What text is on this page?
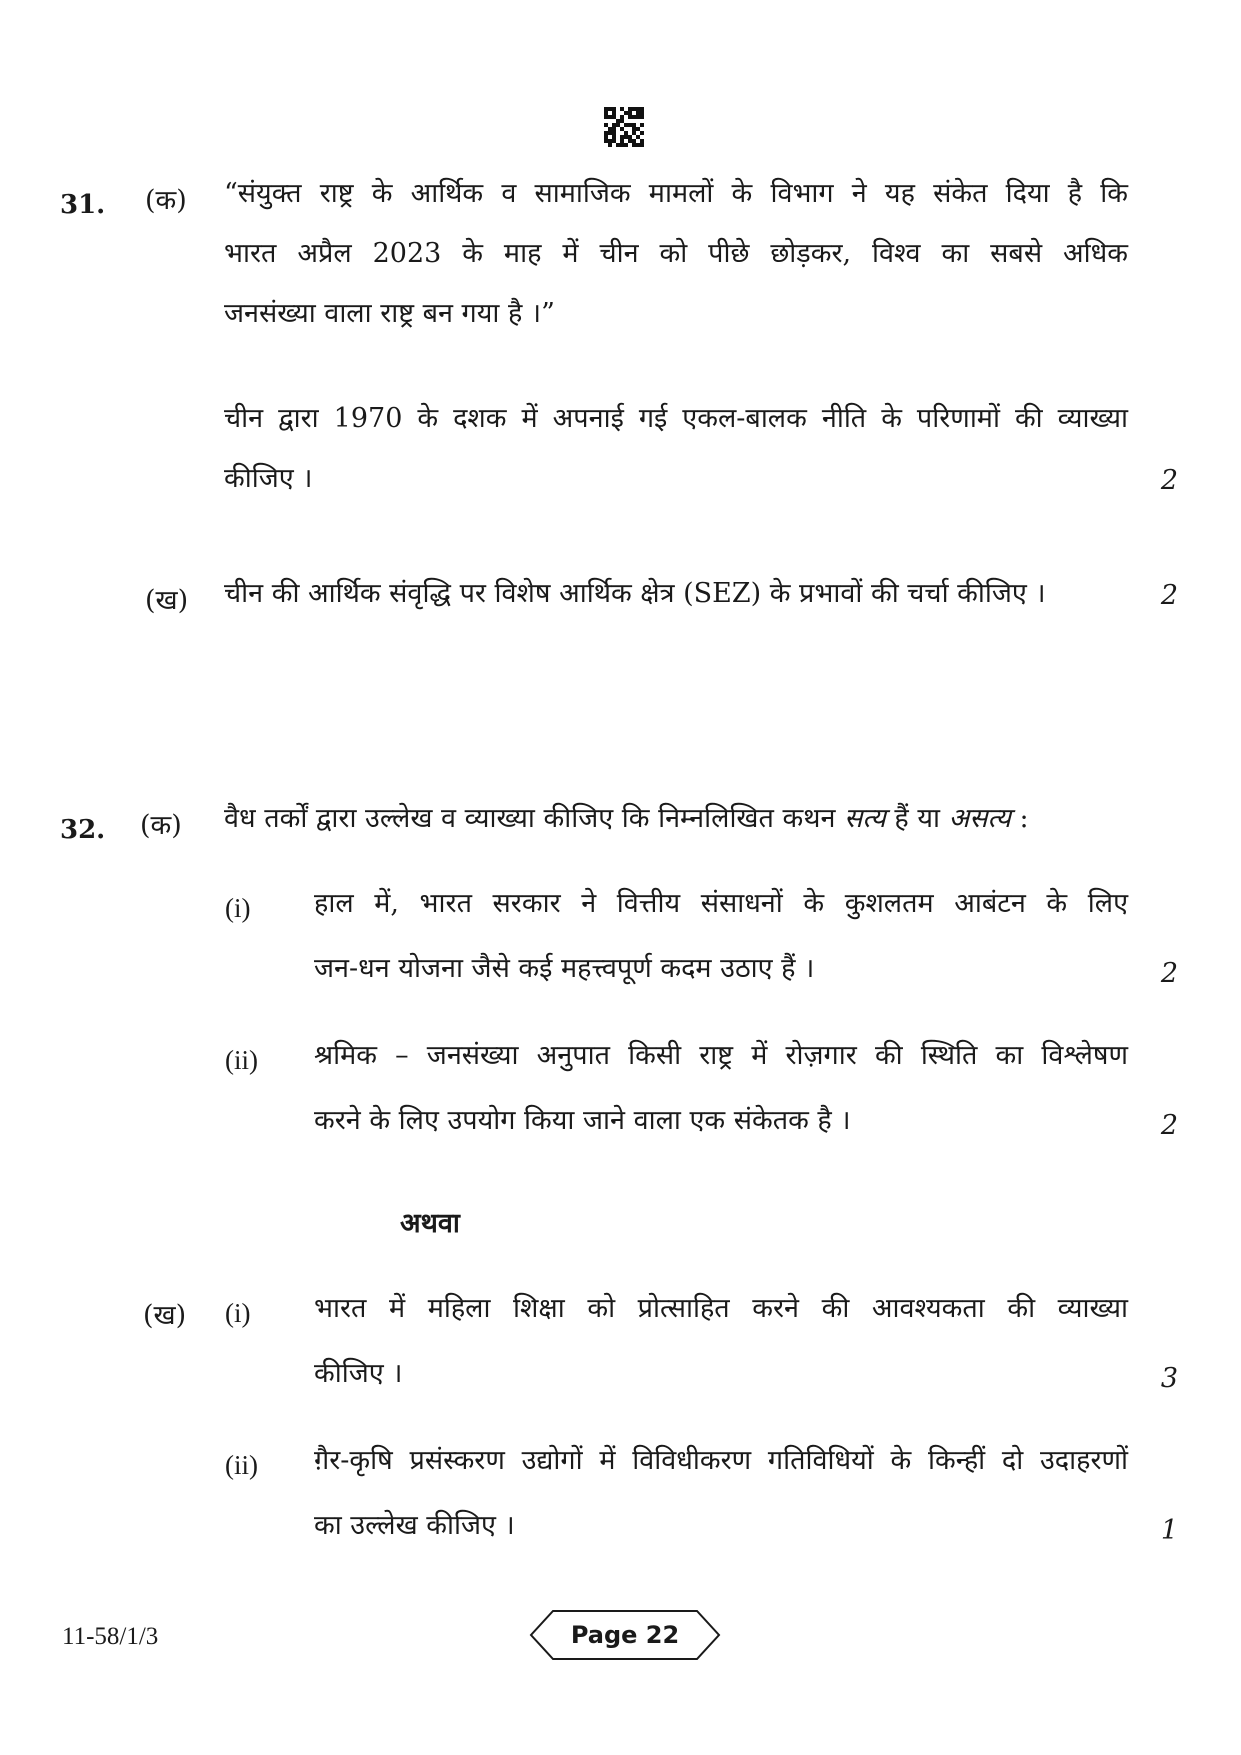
31. (क) “संयुक्त राष्ट्र के आर्थिक व सामाजिक मामलों के विभाग ने यह संकेत दिया है कि
भारत अप्रैल 2023 के माह में चीन को पीछे छोड़कर, विश्व का सबसे अधिक
जनसंख्या वाला राष्ट्र बन गया है ।”
चीन द्वारा 1970 के दशक में अपनाई गई एकल-बालक नीति के परिणामों की व्याख्या
कीजिए ।	2
(ख) चीन की आर्थिक संवृद्धि पर विशेष आर्थिक क्षेत्र (SEZ) के प्रभावों की चर्चा कीजिए ।	2
32. (क) वैध तर्कों द्वारा उल्लेख व व्याख्या कीजिए कि निम्नलिखित कथन सत्य हैं या असत्य :
(i) हाल में, भारत सरकार ने वित्तीय संसाधनों के कुशलतम आबंटन के लिए
जन-धन योजना जैसे कई महत्त्वपूर्ण कदम उठाए हैं ।	2
(ii) श्रमिक – जनसंख्या अनुपात किसी राष्ट्र में रोज़गार की स्थिति का विश्लेषण
करने के लिए उपयोग किया जाने वाला एक संकेतक है ।	2
अथवा
(ख) (i) भारत में महिला शिक्षा को प्रोत्साहित करने की आवश्यकता की व्याख्या
कीजिए ।	3
(ii) ग़ैर-कृषि प्रसंस्करण उद्योगों में विविधीकरण गतिविधियों के किन्हीं दो उदाहरणों
का उल्लेख कीजिए ।	1
11-58/1/3	Page 22
